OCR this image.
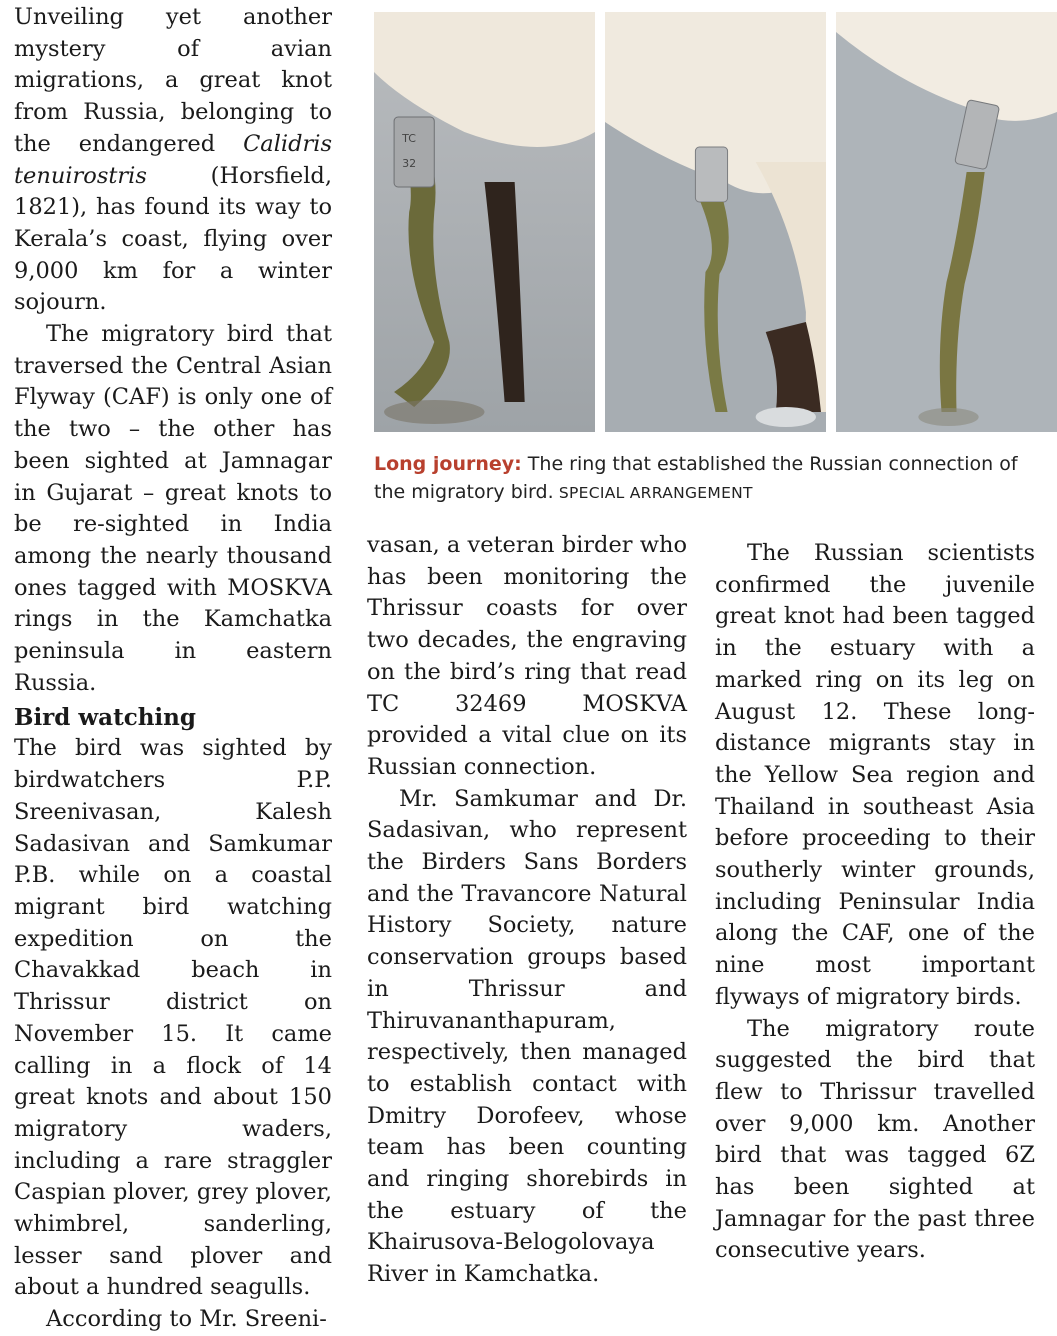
Unveiling yet another mystery of avian migrations, a great knot from Russia, belonging to the endangered Calidris tenuirostris (Horsfield, 1821), has found its way to Kerala’s coast, flying over 9,000 km for a winter sojourn.

The migratory bird that traversed the Central Asian Flyway (CAF) is only one of the two – the other has been sighted at Jamnagar in Gujarat – great knots to be re-sighted in India among the nearly thousand ones tagged with MOSKVA rings in the Kamchatka peninsula in eastern Russia.

Bird watching

The bird was sighted by birdwatchers P.P. Sreenivasan, Kalesh Sadasivan and Samkumar P.B. while on a coastal migrant bird watching expedition on the Chavakkad beach in Thrissur district on November 15. It came calling in a flock of 14 great knots and about 150 migratory waders, including a rare straggler Caspian plover, grey plover, whimbrel, sanderling, lesser sand plover and about a hundred seagulls.

According to Mr. Sreeni-

TC
32
Long journey: The ring that established the Russian connection of the migratory bird. SPECIAL ARRANGEMENT

vasan, a veteran birder who has been monitoring the Thrissur coasts for over two decades, the engraving on the bird’s ring that read TC 32469 MOSKVA provided a vital clue on its Russian connection.

Mr. Samkumar and Dr. Sadasivan, who represent the Birders Sans Borders and the Travancore Natural History Society, nature conservation groups based in Thrissur and Thiruvananthapuram, respectively, then managed to establish contact with Dmitry Dorofeev, whose team has been counting and ringing shorebirds in the estuary of the Khairusova-Belogolovaya River in Kamchatka.

The Russian scientists confirmed the juvenile great knot had been tagged in the estuary with a marked ring on its leg on August 12. These long-distance migrants stay in the Yellow Sea region and Thailand in southeast Asia before proceeding to their southerly winter grounds, including Peninsular India along the CAF, one of the nine most important flyways of migratory birds.

The migratory route suggested the bird that flew to Thrissur travelled over 9,000 km. Another bird that was tagged 6Z has been sighted at Jamnagar for the past three consecutive years.
